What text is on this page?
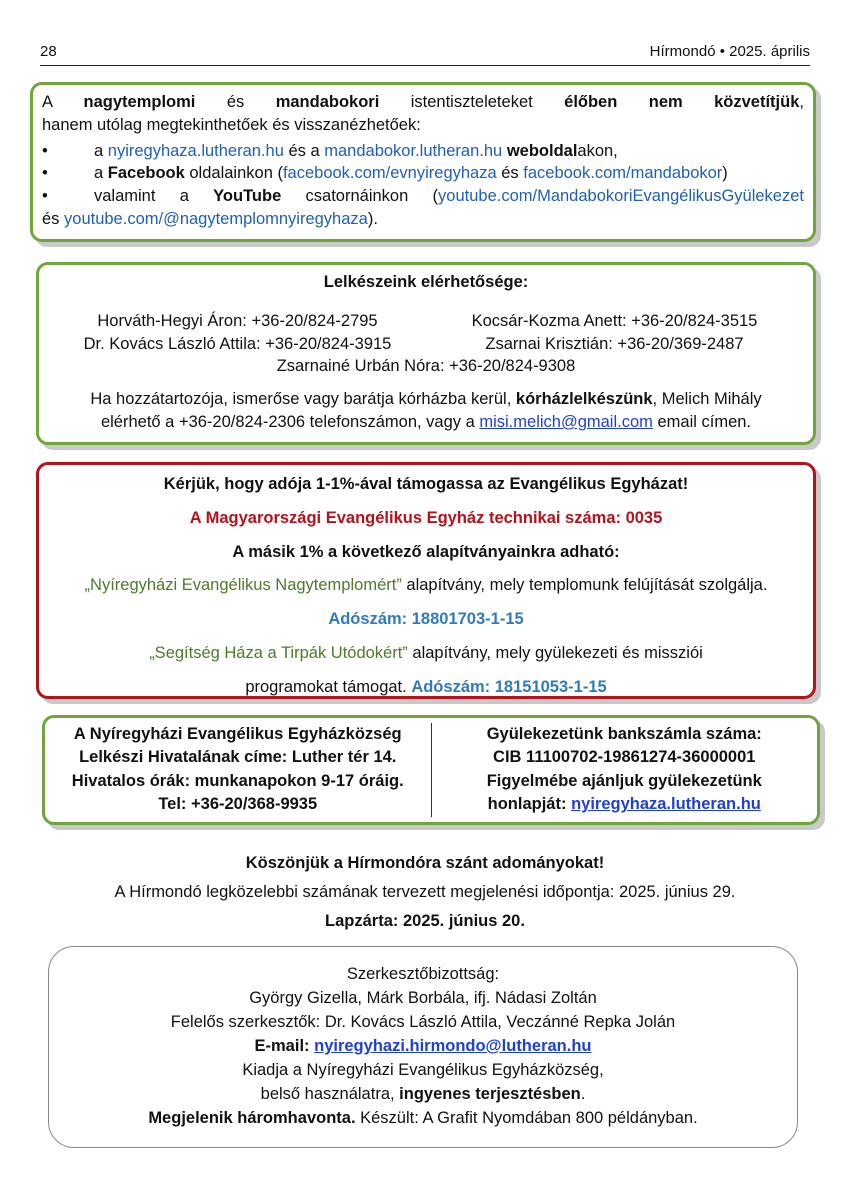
28	Hírmondó • 2025. április
A nagytemplomi és mandabokori istentiszteleteket élőben nem közvetítjük,
hanem utólag megtekinthetőek és visszanézhetőek:
•	a nyiregyhaza.lutheran.hu és a mandabokor.lutheran.hu weboldalakon,
•	a Facebook oldalainkon (facebook.com/evnyiregyhaza és facebook.com/mandabokor)
•	valamint a YouTube csatornáinkon (youtube.com/MandabokoriEvangélikusGyülekezet
és youtube.com/@nagytemplomnyiregyhaza).
Lelkészeink elérhetősége:
Horváth-Hegyi Áron: +36-20/824-2795	Kocsár-Kozma Anett: +36-20/824-3515
Dr. Kovács László Attila: +36-20/824-3915	Zsarnai Krisztián: +36-20/369-2487
Zsarnainé Urbán Nóra: +36-20/824-9308
Ha hozzátartozója, ismerőse vagy barátja kórházba kerül, kórházlelkészünk, Melich Mihály
elérhető a +36-20/824-2306 telefonszámon, vagy a misi.melich@gmail.com email címen.

Kérjük, hogy adója 1-1%-ával támogassa az Evangélikus Egyházat!

A Magyarországi Evangélikus Egyház technikai száma: 0035

A másik 1% a következő alapítványainkra adható:

„Nyíregyházi Evangélikus Nagytemplomért” alapítvány, mely templomunk felújítását szolgálja.

Adószám: 18801703-1-15

„Segítség Háza a Tirpák Utódokért” alapítvány, mely gyülekezeti és missziói

programokat támogat. Adószám: 18151053-1-15

A Nyíregyházi Evangélikus Egyházközség
Lelkészi Hivatalának címe: Luther tér 14.
Hivatalos órák: munkanapokon 9-17 óráig.
Tel: +36-20/368-9935
Gyülekezetünk bankszámla száma:
CIB 11100702-19861274-36000001
Figyelmébe ajánljuk gyülekezetünk
honlapját: nyiregyhaza.lutheran.hu

Köszönjük a Hírmondóra szánt adományokat!

A Hírmondó legközelebbi számának tervezett megjelenési időpontja: 2025. június 29.

Lapzárta: 2025. június 20.

Szerkesztőbizottság:
György Gizella, Márk Borbála, ifj. Nádasi Zoltán
Felelős szerkesztők: Dr. Kovács László Attila, Veczánné Repka Jolán
E-mail: nyiregyhazi.hirmondo@lutheran.hu
Kiadja a Nyíregyházi Evangélikus Egyházközség,
belső használatra, ingyenes terjesztésben.
Megjelenik háromhavonta. Készült: A Grafit Nyomdában 800 példányban.
